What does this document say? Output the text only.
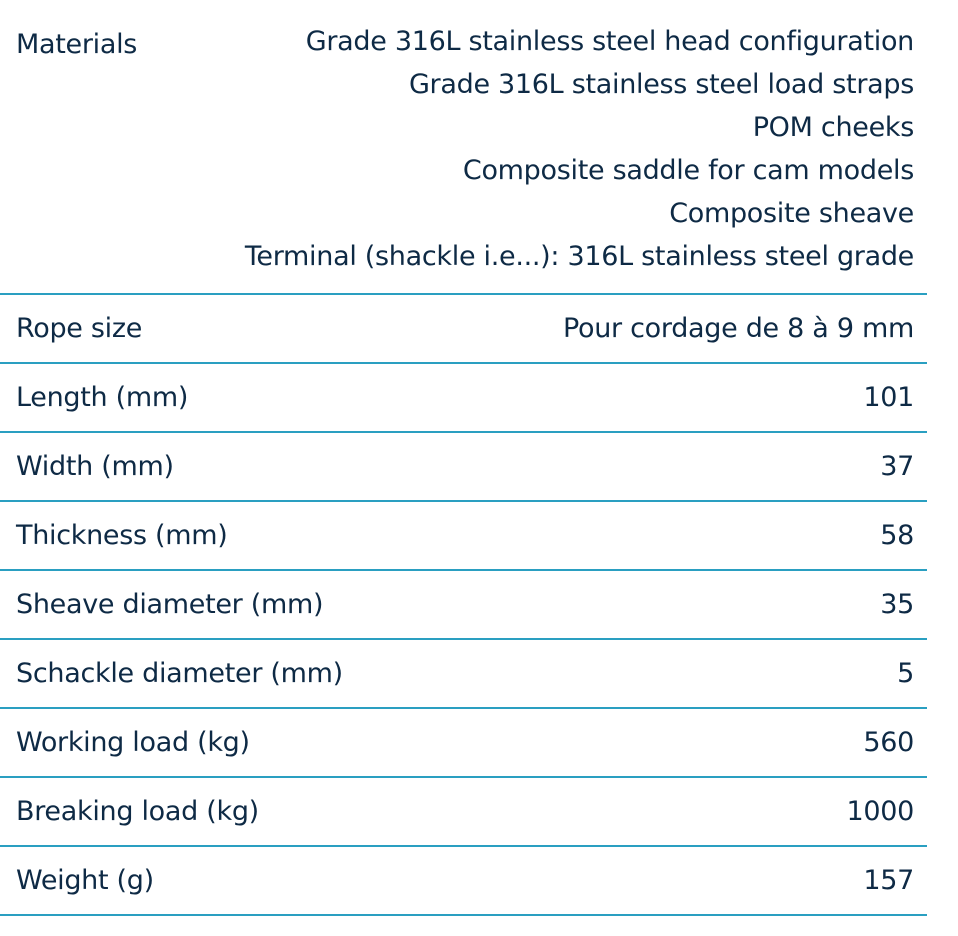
Materials	Grade 316L stainless steel head configuration
Grade 316L stainless steel load straps
POM cheeks
Composite saddle for cam models
Composite sheave
Terminal (shackle i.e...): 316L stainless steel grade
Rope size	Pour cordage de 8 à 9 mm
Length (mm)	101
Width (mm)	37
Thickness (mm)	58
Sheave diameter (mm)	35
Schackle diameter (mm)	5
Working load (kg)	560
Breaking load (kg)	1000
Weight (g)	157
